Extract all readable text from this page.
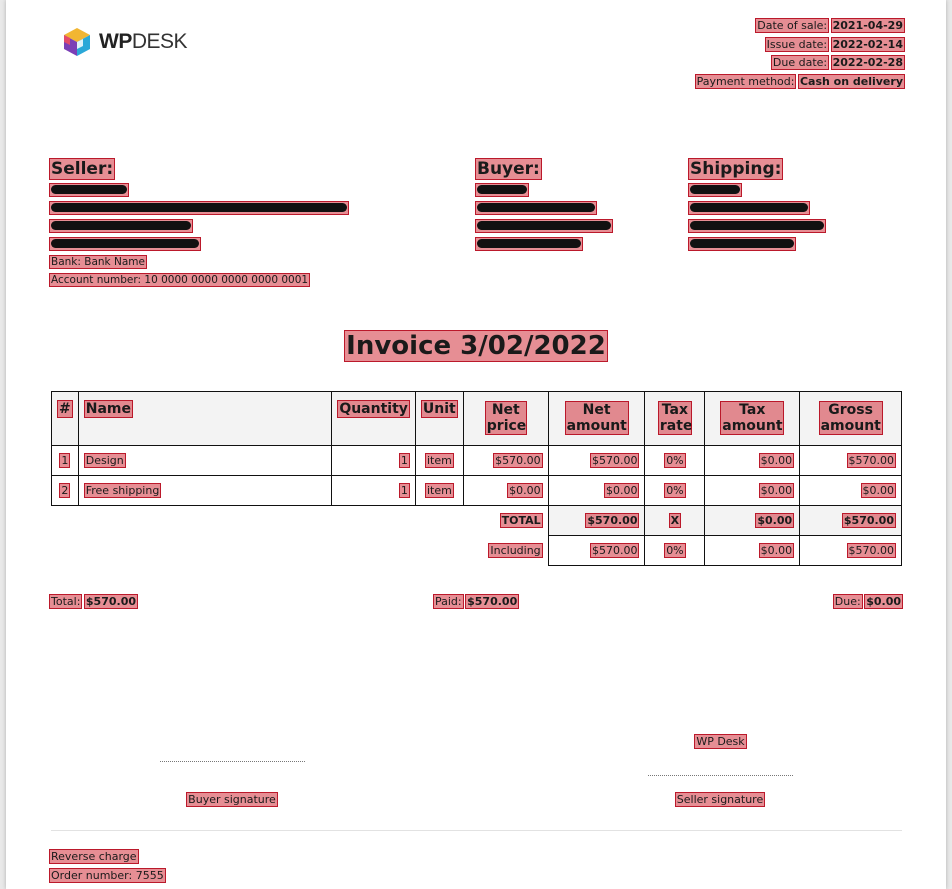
WPDESK
Date of sale: 2021-04-29
Issue date: 2022-02-14
Due date: 2022-02-28
Payment method: Cash on delivery
Seller:
Bank: Bank Name
Account number: 10 0000 0000 0000 0000 0001
Buyer:	Shipping:
Invoice 3/02/2022
#	Name	Quantity	Unit	Net price	Net amount	Tax rate	Tax amount	Gross amount
1	Design	1	item	$570.00	$570.00	0%	$0.00	$570.00
2	Free shipping	1	item	$0.00	$0.00	0%	$0.00	$0.00
TOTAL					$570.00	X	$0.00	$570.00
Including					$570.00	0%	$0.00	$570.00
Total: $570.00	Paid: $570.00	Due: $0.00
WP Desk
Buyer signature	Seller signature
Reverse charge
Order number: 7555
